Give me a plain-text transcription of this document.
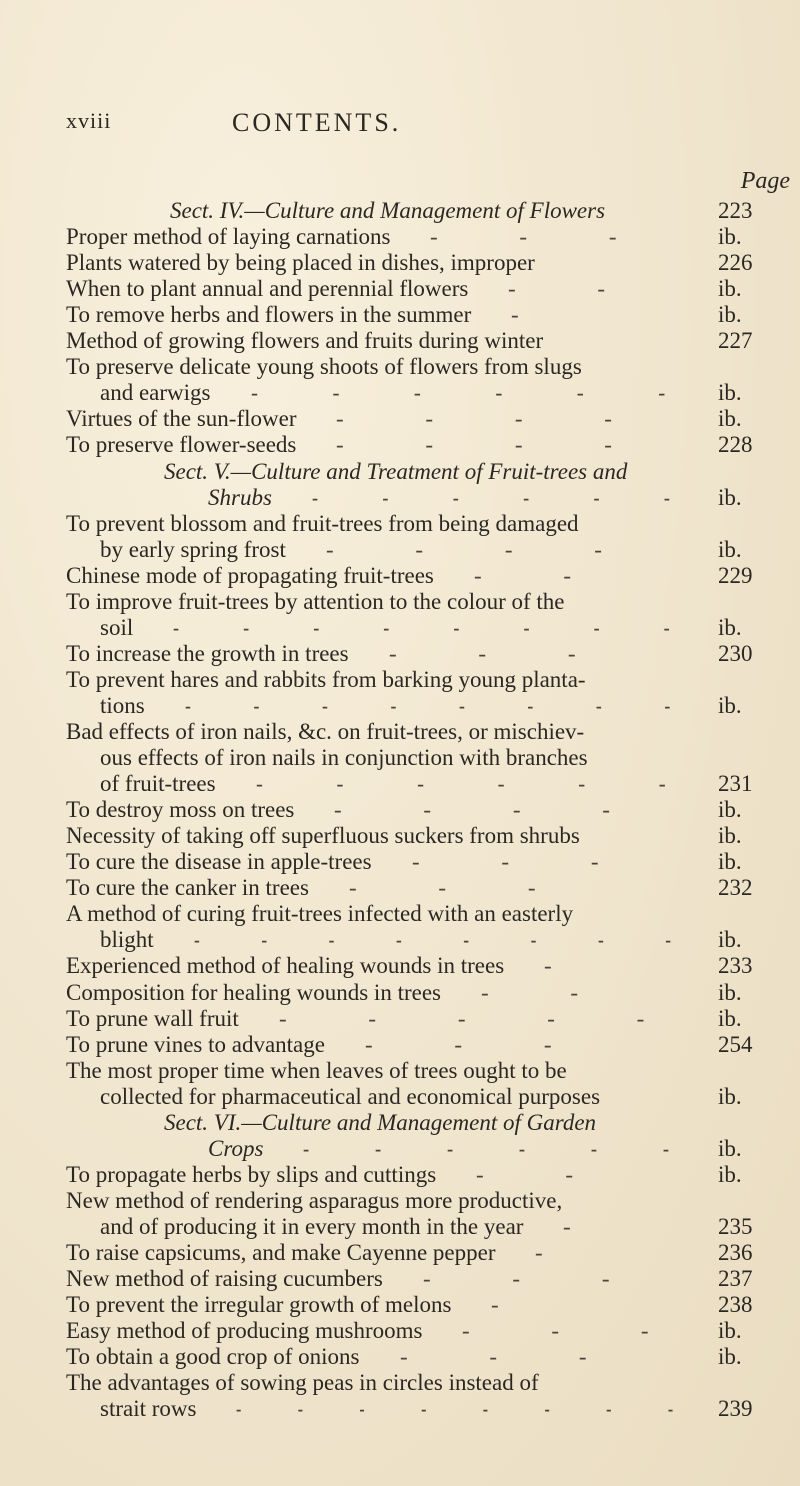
xviii	CONTENTS.
Page
Sect. IV.—Culture and Management of Flowers	223
Proper method of laying carnations - - -	ib.
Plants watered by being placed in dishes, improper	226
When to plant annual and perennial flowers - -	ib.
To remove herbs and flowers in the summer -	ib.
Method of growing flowers and fruits during winter	227
To preserve delicate young shoots of flowers from slugs
and earwigs - - - - - - ib.
Virtues of the sun-flower - - - -	ib.
To preserve flower-seeds - - - -	228
Sect. V.—Culture and Treatment of Fruit-trees and
Shrubs - - - - - - ib.
To prevent blossom and fruit-trees from being damaged
by early spring frost - - - -	ib.
Chinese mode of propagating fruit-trees - -	229
To improve fruit-trees by attention to the colour of the
soil - - - - - - - - ib.
To increase the growth in trees - - -	230
To prevent hares and rabbits from barking young planta-
tions - - - - - - - - ib.
Bad effects of iron nails, &c. on fruit-trees, or mischiev-
ous effects of iron nails in conjunction with branches
of fruit-trees - - - - - - 231
To destroy moss on trees - - - -	ib.
Necessity of taking off superfluous suckers from shrubs	ib.
To cure the disease in apple-trees - - -	ib.
To cure the canker in trees - - -	232
A method of curing fruit-trees infected with an easterly
blight - - - - - - - - ib.
Experienced method of healing wounds in trees -	233
Composition for healing wounds in trees - -	ib.
To prune wall fruit - - - - - ib.
To prune vines to advantage - - -	254
The most proper time when leaves of trees ought to be
collected for pharmaceutical and economical purposes	ib.
Sect. VI.—Culture and Management of Garden
Crops - - - - - - ib.
To propagate herbs by slips and cuttings - -	ib.
New method of rendering asparagus more productive,
and of producing it in every month in the year -	235
To raise capsicums, and make Cayenne pepper -	236
New method of raising cucumbers - - -	237
To prevent the irregular growth of melons -	238
Easy method of producing mushrooms - - - ib.
To obtain a good crop of onions - - -	ib.
The advantages of sowing peas in circles instead of
strait rows - - - - - - - - 239
